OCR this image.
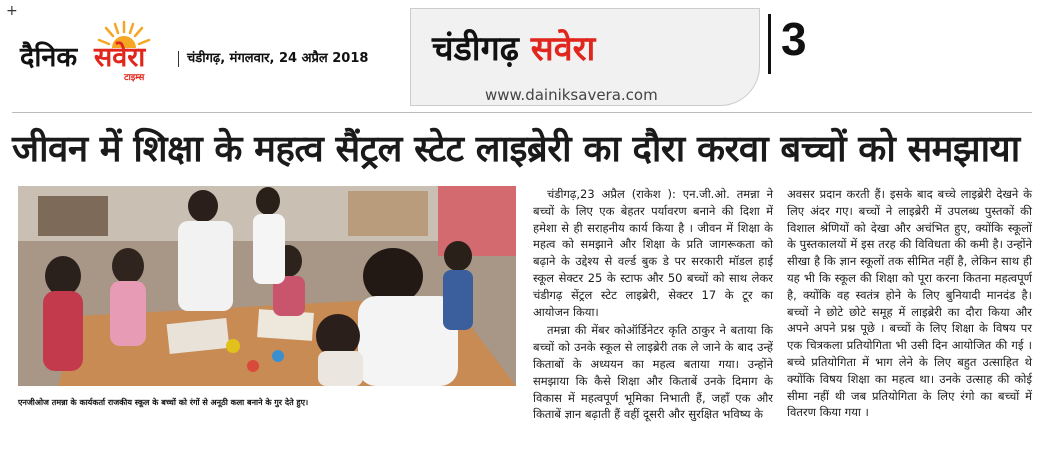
+
दैनिक सवेरा
टाइम्स
चंडीगढ़, मंगलवार, 24 अप्रैल 2018 चंडीगढ़ सवेरा
www.dainiksavera.com
3
जीवन में शिक्षा के महत्व सैंट्रल स्टेट लाइब्रेरी का दौरा करवा बच्चों को समझाया
एनजीओज तमन्ना के कार्यकर्ता राजकीय स्कूल के बच्चों को रंगों से अनूठी कला बनाने के गुर देते हुए।

चंडीगढ़,23 अप्रैल (राकेश ): एन.जी.ओ. तमन्ना ने बच्चों के लिए एक बेहतर पर्यावरण बनाने की दिशा में हमेशा से ही सराहनीय कार्य किया है । जीवन में शिक्षा के महत्व को समझाने और शिक्षा के प्रति जागरूकता को बढ़ाने के उद्देश्य से वर्ल्ड बुक डे पर सरकारी मॉडल हाई स्कूल सेक्टर 25 के स्टाफ और 50 बच्चों को साथ लेकर चंडीगढ़ सेंट्रल स्टेट लाइब्रेरी, सेक्टर 17 के टूर का आयोजन किया।

तमन्ना की मेंबर कोऑर्डिनेटर कृति ठाकुर ने बताया कि बच्चों को उनके स्कूल से लाइब्रेरी तक ले जाने के बाद उन्हें किताबों के अध्ययन का महत्व बताया गया। उन्होंने समझाया कि कैसे शिक्षा और किताबें उनके दिमाग के विकास में महत्वपूर्ण भूमिका निभाती हैं, जहाँ एक और किताबें ज्ञान बढ़ाती हैं वहीं दूसरी और सुरक्षित भविष्य के

अवसर प्रदान करती हैं। इसके बाद बच्चे लाइब्रेरी देखने के लिए अंदर गए। बच्चों ने लाइब्रेरी में उपलब्ध पुस्तकों की विशाल श्रेणियों को देखा और अचंभित हुए, क्योंकि स्कूलों के पुस्तकालयों में इस तरह की विविधता की कमी है। उन्होंने सीखा है कि ज्ञान स्कूलों तक सीमित नहीं है, लेकिन साथ ही यह भी कि स्कूल की शिक्षा को पूरा करना कितना महत्वपूर्ण है, क्योंकि वह स्वतंत्र होने के लिए बुनियादी मानदंड है। बच्चों ने छोटे छोटे समूह में लाइब्रेरी का दौरा किया और अपने अपने प्रश्न पूछे । बच्चों के लिए शिक्षा के विषय पर एक चित्रकला प्रतियोगिता भी उसी दिन आयोजित की गई । बच्चे प्रतियोगिता में भाग लेने के लिए बहुत उत्साहित थे क्योंकि विषय शिक्षा का महत्व था। उनके उत्साह की कोई सीमा नहीं थी जब प्रतियोगिता के लिए रंगो का बच्चों में वितरण किया गया ।
